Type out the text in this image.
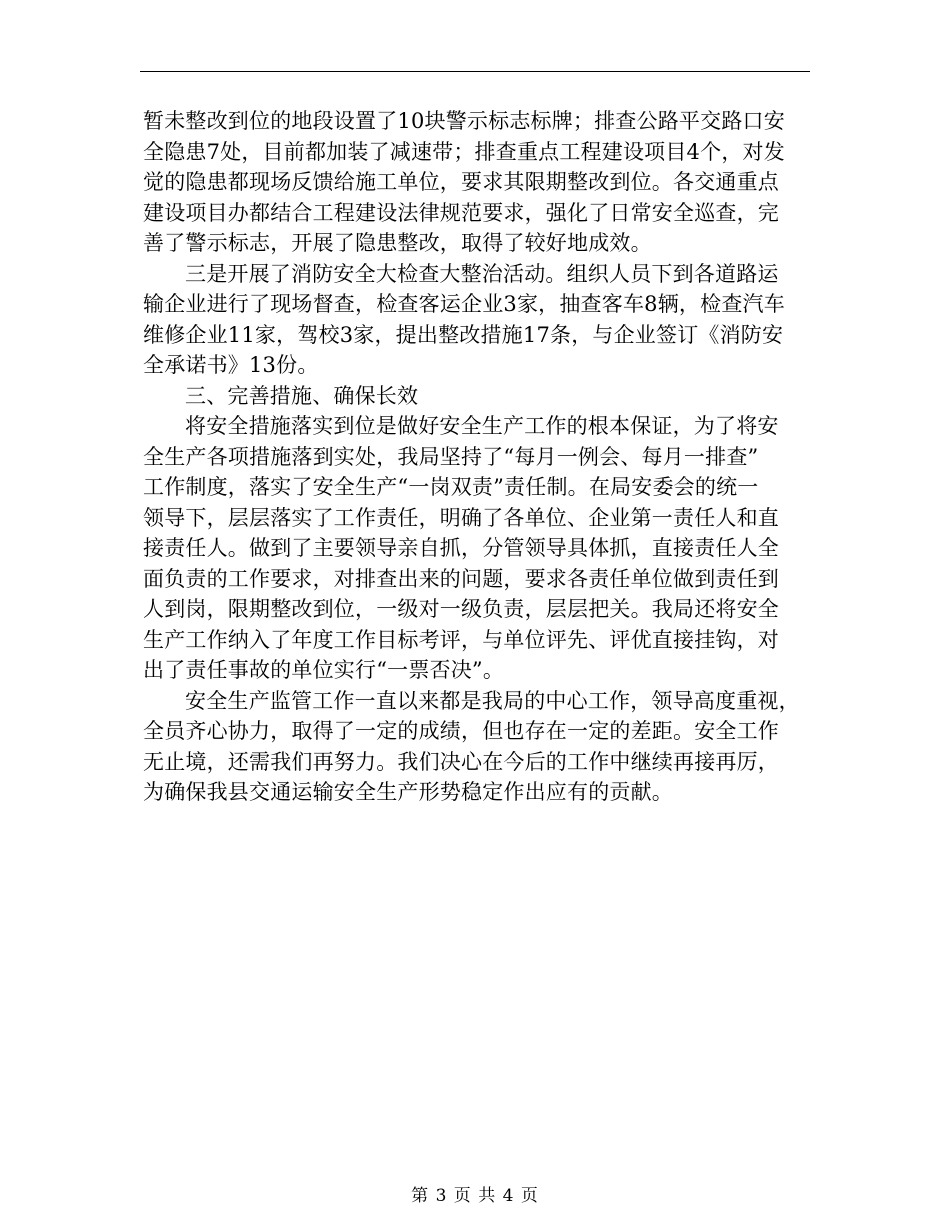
暂未整改到位的地段设置了10块警示标志标牌；排查公路平交路口安
全隐患7处，目前都加装了减速带；排查重点工程建设项目4个，对发
觉的隐患都现场反馈给施工单位，要求其限期整改到位。各交通重点
建设项目办都结合工程建设法律规范要求，强化了日常安全巡查，完
善了警示标志，开展了隐患整改，取得了较好地成效。
三是开展了消防安全大检查大整治活动。组织人员下到各道路运
输企业进行了现场督查，检查客运企业3家，抽查客车8辆，检查汽车
维修企业11家，驾校3家，提出整改措施17条，与企业签订《消防安
全承诺书》13份。
三、完善措施、确保长效
将安全措施落实到位是做好安全生产工作的根本保证，为了将安
全生产各项措施落到实处，我局坚持了“每月一例会、每月一排查”
工作制度，落实了安全生产“一岗双责”责任制。在局安委会的统一
领导下，层层落实了工作责任，明确了各单位、企业第一责任人和直
接责任人。做到了主要领导亲自抓，分管领导具体抓，直接责任人全
面负责的工作要求，对排查出来的问题，要求各责任单位做到责任到
人到岗，限期整改到位，一级对一级负责，层层把关。我局还将安全
生产工作纳入了年度工作目标考评，与单位评先、评优直接挂钩，对
出了责任事故的单位实行“一票否决”。
安全生产监管工作一直以来都是我局的中心工作，领导高度重视，
全员齐心协力，取得了一定的成绩，但也存在一定的差距。安全工作
无止境，还需我们再努力。我们决心在今后的工作中继续再接再厉，
为确保我县交通运输安全生产形势稳定作出应有的贡献。
第 3 页 共 4 页
